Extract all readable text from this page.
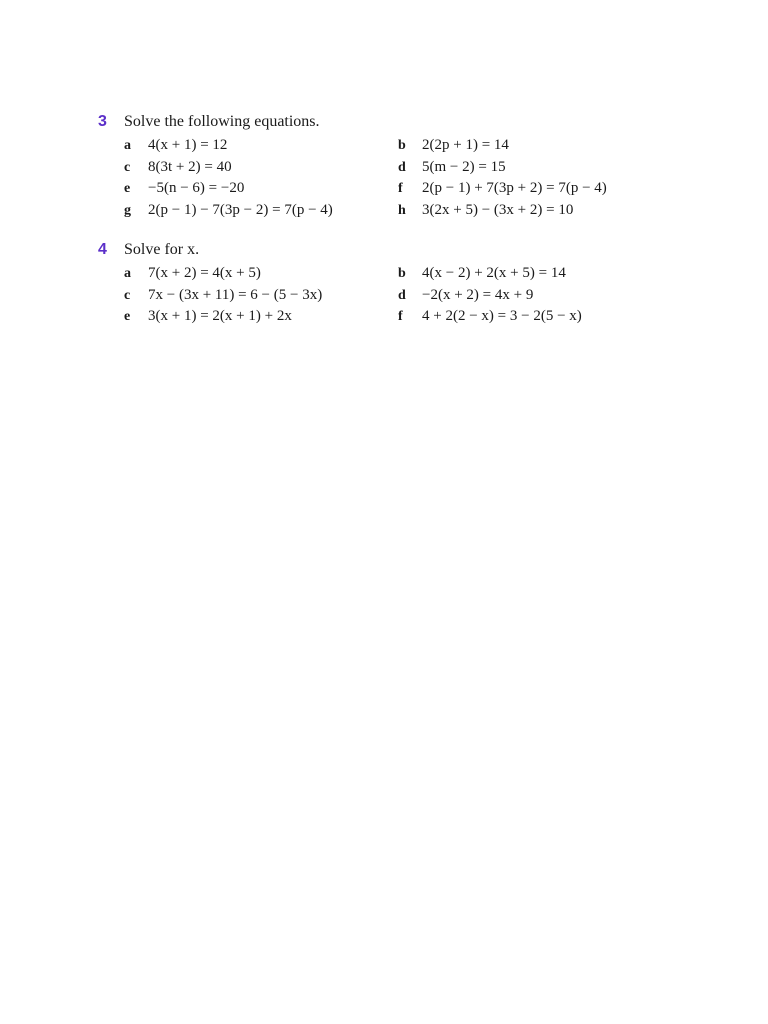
3	Solve the following equations.
a	4(x + 1) = 12	b	2(2p + 1) = 14
c	8(3t + 2) = 40	d	5(m − 2) = 15
e	−5(n − 6) = −20	f	2(p − 1) + 7(3p + 2) = 7(p − 4)
g	2(p − 1) − 7(3p − 2) = 7(p − 4)	h	3(2x + 5) − (3x + 2) = 10
4	Solve for x.
a	7(x + 2) = 4(x + 5)	b	4(x − 2) + 2(x + 5) = 14
c	7x − (3x + 11) = 6 − (5 − 3x)	d	−2(x + 2) = 4x + 9
e	3(x + 1) = 2(x + 1) + 2x	f	4 + 2(2 − x) = 3 − 2(5 − x)
